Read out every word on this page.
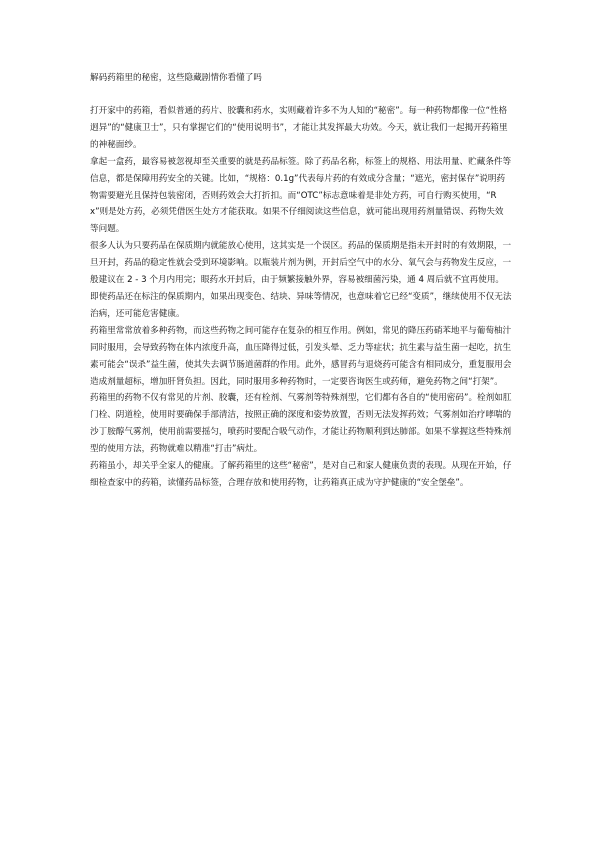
解码药箱里的秘密，这些隐藏剧情你看懂了吗

打开家中的药箱，看似普通的药片、胶囊和药水，实则藏着许多不为人知的“秘密”。每一种药物都像一位“性格迥异”的“健康卫士”，只有掌握它们的“使用说明书”，才能让其发挥最大功效。今天，就让我们一起揭开药箱里的神秘面纱。

拿起一盒药，最容易被忽视却至关重要的就是药品标签。除了药品名称，标签上的规格、用法用量、贮藏条件等信息，都是保障用药安全的关键。比如，“规格：0.1g”代表每片药的有效成分含量；“遮光，密封保存”说明药物需要避光且保持包装密闭，否则药效会大打折扣。而“OTC”标志意味着是非处方药，可自行购买使用，“Rx”则是处方药，必须凭借医生处方才能获取。如果不仔细阅读这些信息，就可能出现用药剂量错误、药物失效等问题。

很多人认为只要药品在保质期内就能放心使用，这其实是一个误区。药品的保质期是指未开封时的有效期限，一旦开封，药品的稳定性就会受到环境影响。以瓶装片剂为例，开封后空气中的水分、氧气会与药物发生反应，一般建议在 2 - 3 个月内用完；眼药水开封后，由于频繁接触外界，容易被细菌污染，通 4 周后就不宜再使用。即使药品还在标注的保质期内，如果出现变色、结块、异味等情况，也意味着它已经“变质”，继续使用不仅无法治病，还可能危害健康。

药箱里常常放着多种药物，而这些药物之间可能存在复杂的相互作用。例如，常见的降压药硝苯地平与葡萄柚汁同时服用，会导致药物在体内浓度升高，血压降得过低，引发头晕、乏力等症状；抗生素与益生菌一起吃，抗生素可能会“误杀”益生菌，使其失去调节肠道菌群的作用。此外，感冒药与退烧药可能含有相同成分，重复服用会造成剂量超标，增加肝肾负担。因此，同时服用多种药物时，一定要咨询医生或药师，避免药物之间“打架”。

药箱里的药物不仅有常见的片剂、胶囊，还有栓剂、气雾剂等特殊剂型，它们都有各自的“使用密码”。栓剂如肛门栓、阴道栓，使用时要确保手部清洁，按照正确的深度和姿势放置，否则无法发挥药效；气雾剂如治疗哮喘的沙丁胺醇气雾剂，使用前需要摇匀，喷药时要配合吸气动作，才能让药物顺利到达肺部。如果不掌握这些特殊剂型的使用方法，药物就难以精准“打击”病灶。

药箱虽小，却关乎全家人的健康。了解药箱里的这些“秘密”，是对自己和家人健康负责的表现。从现在开始，仔细检查家中的药箱，读懂药品标签，合理存放和使用药物，让药箱真正成为守护健康的“安全堡垒”。
